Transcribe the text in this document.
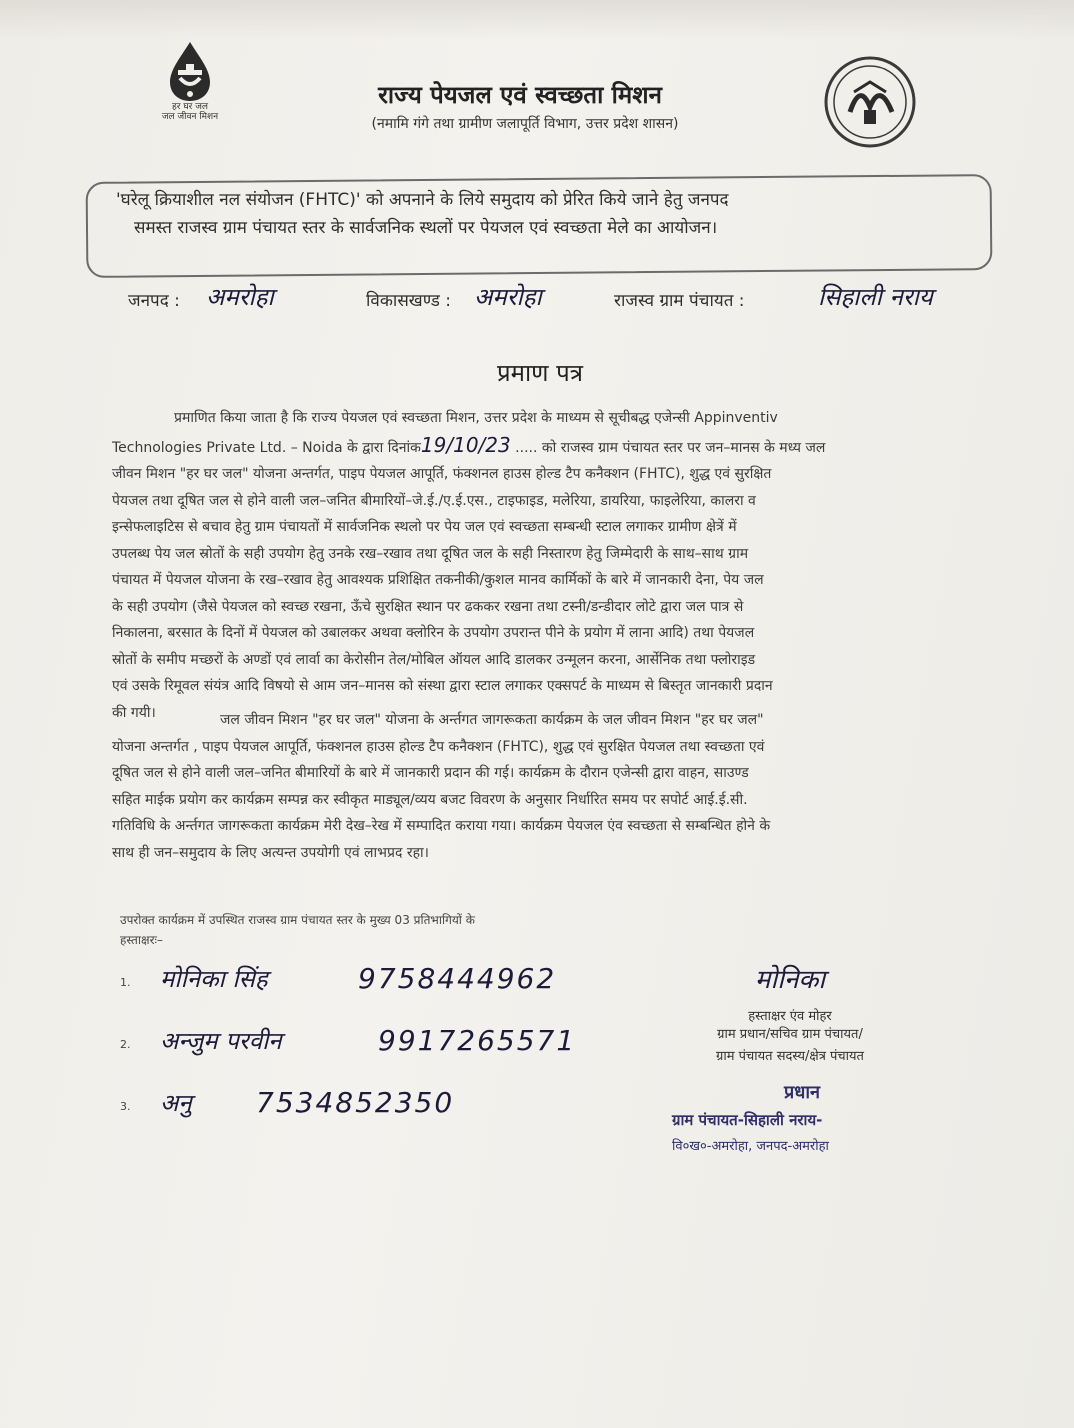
हर घर जल
जल जीवन मिशन
राज्य पेयजल एवं स्वच्छता मिशन
(नमामि गंगे तथा ग्रामीण जलापूर्ति विभाग, उत्तर प्रदेश शासन)
'घरेलू क्रियाशील नल संयोजन (FHTC)' को अपनाने के लिये समुदाय को प्रेरित किये जाने हेतु जनपद
समस्त राजस्व ग्राम पंचायत स्तर के सार्वजनिक स्थलों पर पेयजल एवं स्वच्छता मेले का आयोजन।
जनपद : अमरोहा	विकासखण्ड : अमरोहा	राजस्व ग्राम पंचायत :	सिहाली नराय
प्रमाण पत्र
प्रमाणित किया जाता है कि राज्य पेयजल एवं स्वच्छता मिशन, उत्तर प्रदेश के माध्यम से सूचीबद्ध एजेन्सी Appinventiv
Technologies Private Ltd. – Noida के द्वारा दिनांक19/10/23 ..... को राजस्व ग्राम पंचायत स्तर पर जन–मानस के मध्य जल
जीवन मिशन "हर घर जल" योजना अन्तर्गत, पाइप पेयजल आपूर्ति, फंक्शनल हाउस होल्ड टैप कनैक्शन (FHTC), शुद्ध एवं सुरक्षित
पेयजल तथा दूषित जल से होने वाली जल–जनित बीमारियों–जे.ई./ए.ई.एस., टाइफाइड, मलेरिया, डायरिया, फाइलेरिया, कालरा व
इन्सेफलाइटिस से बचाव हेतु ग्राम पंचायतों में सार्वजनिक स्थलो पर पेय जल एवं स्वच्छता सम्बन्धी स्टाल लगाकर ग्रामीण क्षेत्रें में
उपलब्ध पेय जल स्रोतों के सही उपयोग हेतु उनके रख–रखाव तथा दूषित जल के सही निस्तारण हेतु जिम्मेदारी के साथ–साथ ग्राम
पंचायत में पेयजल योजना के रख–रखाव हेतु आवश्यक प्रशिक्षित तकनीकी/कुशल मानव कार्मिकों के बारे में जानकारी देना, पेय जल
के सही उपयोग (जैसे पेयजल को स्वच्छ रखना, ऊँचे सुरक्षित स्थान पर ढककर रखना तथा टस्नी/डन्डीदार लोटे द्वारा जल पात्र से
निकालना, बरसात के दिनों में पेयजल को उबालकर अथवा क्लोरिन के उपयोग उपरान्त पीने के प्रयोग में लाना आदि) तथा पेयजल
स्रोतों के समीप मच्छरों के अण्डों एवं लार्वा का केरोसीन तेल/मोबिल ऑयल आदि डालकर उन्मूलन करना, आर्सेनिक तथा फ्लोराइड
एवं उसके रिमूवल संयंत्र आदि विषयो से आम जन–मानस को संस्था द्वारा स्टाल लगाकर एक्सपर्ट के माध्यम से बिस्तृत जानकारी प्रदान
की गयी।	जल जीवन मिशन "हर घर जल" योजना के अर्न्तगत जागरूकता कार्यक्रम के जल जीवन मिशन "हर घर जल"
योजना अन्तर्गत , पाइप पेयजल आपूर्ति, फंक्शनल हाउस होल्ड टैप कनैक्शन (FHTC), शुद्ध एवं सुरक्षित पेयजल तथा स्वच्छता एवं
दूषित जल से होने वाली जल–जनित बीमारियों के बारे में जानकारी प्रदान की गई। कार्यक्रम के दौरान एजेन्सी द्वारा वाहन, साउण्ड
सहित माईक प्रयोग कर कार्यक्रम सम्पन्न कर स्वीकृत माड्यूल/व्यय बजट विवरण के अनुसार निर्धारित समय पर सपोर्ट आई.ई.सी.
गतिविधि के अर्न्तगत जागरूकता कार्यक्रम मेरी देख–रेख में सम्पादित कराया गया। कार्यक्रम पेयजल एंव स्वच्छता से सम्बन्धित होने के
साथ ही जन–समुदाय के लिए अत्यन्त उपयोगी एवं लाभप्रद रहा।
उपरोक्त कार्यक्रम में उपस्थित राजस्व ग्राम पंचायत स्तर के मुख्य 03 प्रतिभागियों के
हस्ताक्षरः–
1. मोनिका सिंह	9758444962
2. अन्जुम परवीन	9917265571
3. अनु 7534852350
मोनिका
हस्ताक्षर एंव मोहर
ग्राम प्रधान/सचिव ग्राम पंचायत/
ग्राम पंचायत सदस्य/क्षेत्र पंचायत
प्रधान
ग्राम पंचायत-सिहाली नराय-
वि०ख०-अमरोहा, जनपद-अमरोहा
